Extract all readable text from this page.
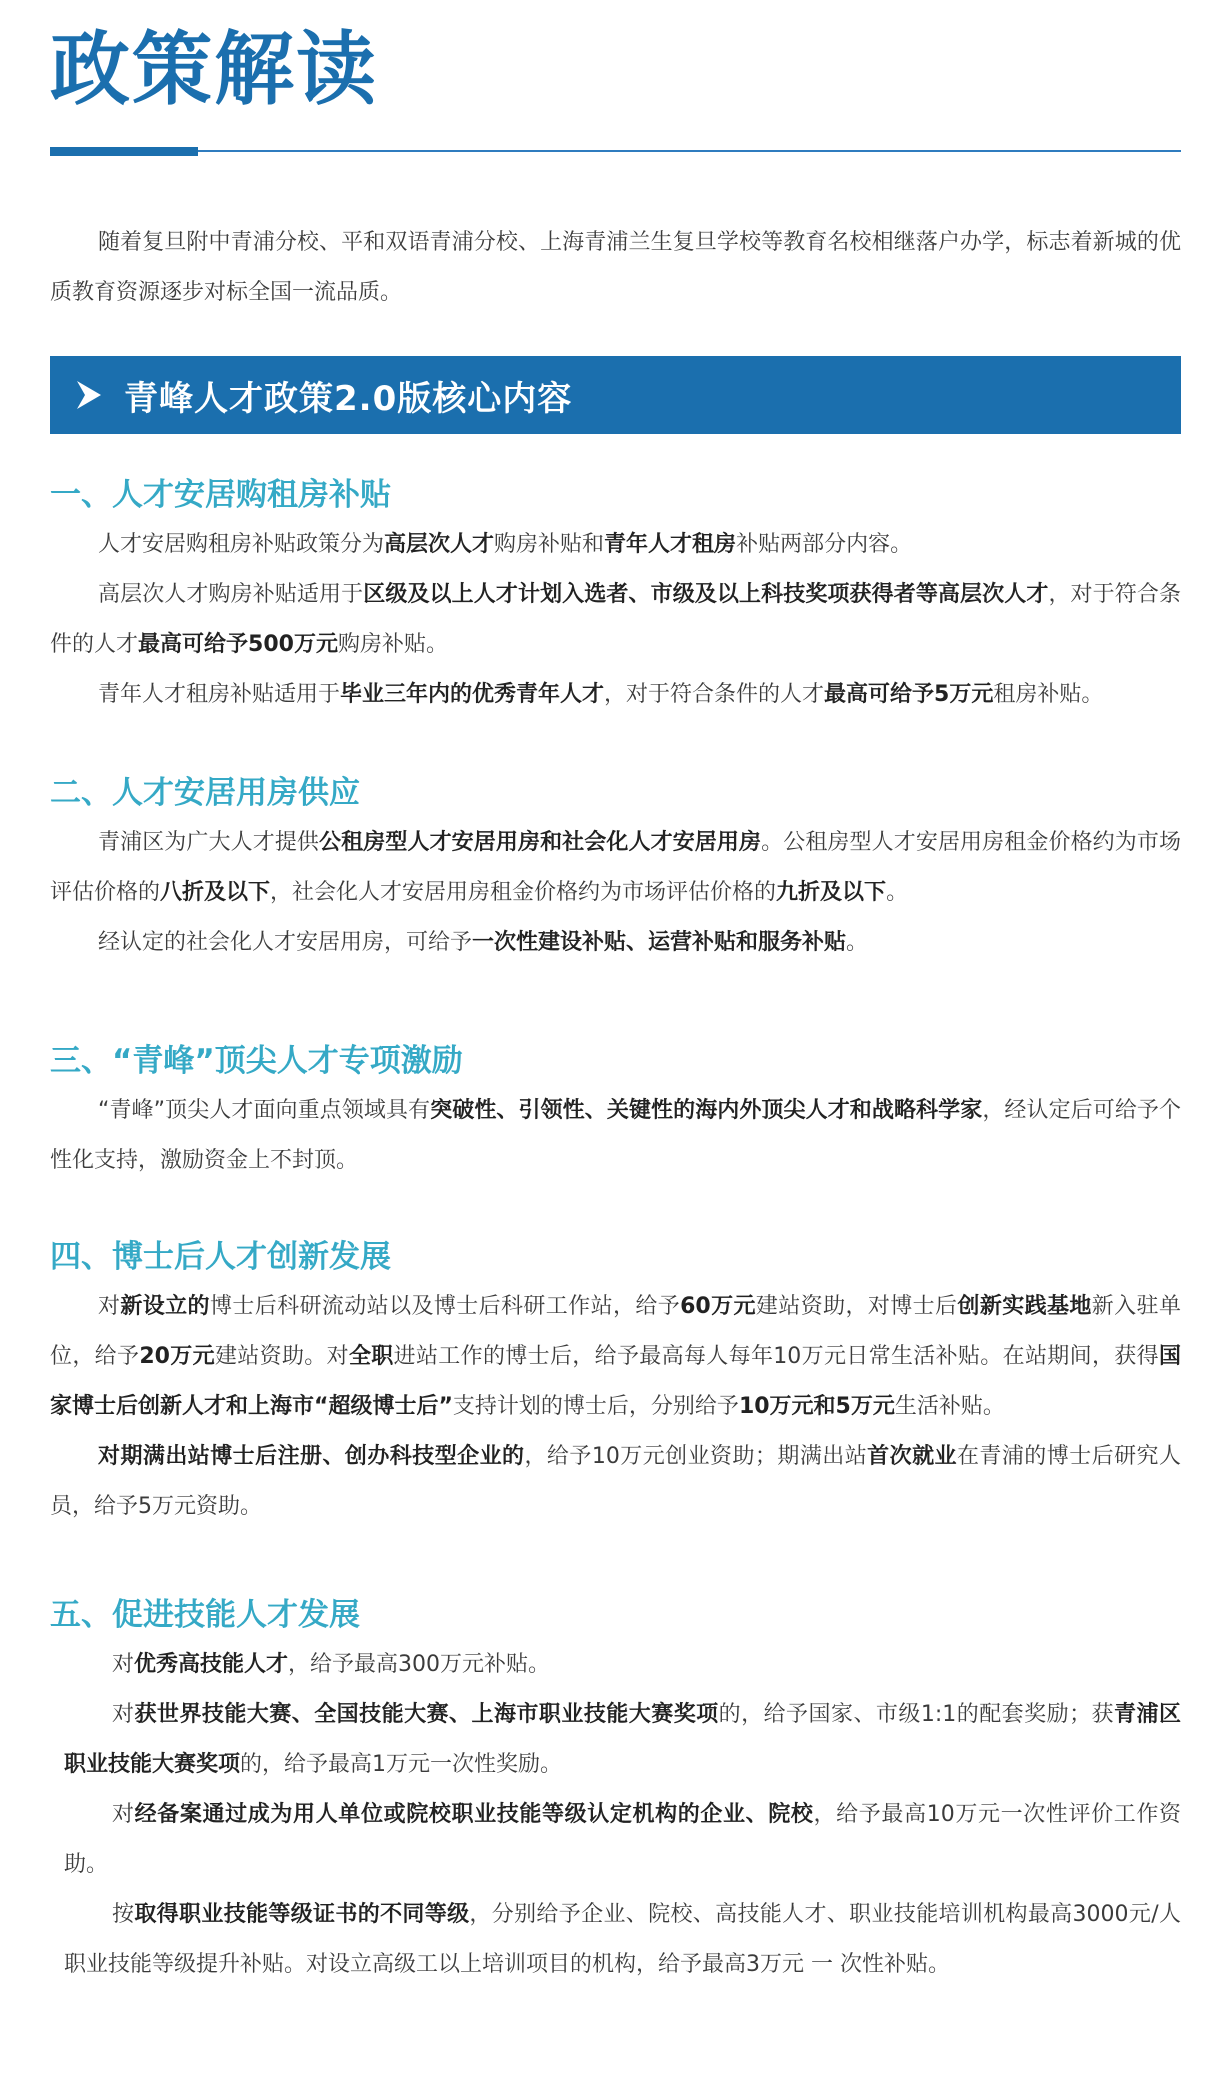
政策解读

随着复旦附中青浦分校、平和双语青浦分校、上海青浦兰生复旦学校等教育名校相继落户办学，标志着新城的优质教育资源逐步对标全国一流品质。

青峰人才政策2.0版核心内容
一、人才安居购租房补贴

人才安居购租房补贴政策分为高层次人才购房补贴和青年人才租房补贴两部分内容。

高层次人才购房补贴适用于区级及以上人才计划入选者、市级及以上科技奖项获得者等高层次人才，对于符合条件的人才最高可给予500万元购房补贴。

青年人才租房补贴适用于毕业三年内的优秀青年人才，对于符合条件的人才最高可给予5万元租房补贴。

二、人才安居用房供应

青浦区为广大人才提供公租房型人才安居用房和社会化人才安居用房。公租房型人才安居用房租金价格约为市场评估价格的八折及以下，社会化人才安居用房租金价格约为市场评估价格的九折及以下。

经认定的社会化人才安居用房，可给予一次性建设补贴、运营补贴和服务补贴。

三、“青峰”顶尖人才专项激励

“青峰”顶尖人才面向重点领域具有突破性、引领性、关键性的海内外顶尖人才和战略科学家，经认定后可给予个性化支持，激励资金上不封顶。

四、博士后人才创新发展

对新设立的博士后科研流动站以及博士后科研工作站，给予60万元建站资助，对博士后创新实践基地新入驻单位，给予20万元建站资助。对全职进站工作的博士后，给予最高每人每年10万元日常生活补贴。在站期间，获得国家博士后创新人才和上海市“超级博士后”支持计划的博士后，分别给予10万元和5万元生活补贴。

对期满出站博士后注册、创办科技型企业的，给予10万元创业资助；期满出站首次就业在青浦的博士后研究人员，给予5万元资助。

五、促进技能人才发展

对优秀高技能人才，给予最高300万元补贴。

对获世界技能大赛、全国技能大赛、上海市职业技能大赛奖项的，给予国家、市级1:1的配套奖励；获青浦区职业技能大赛奖项的，给予最高1万元一次性奖励。

对经备案通过成为用人单位或院校职业技能等级认定机构的企业、院校，给予最高10万元一次性评价工作资助。

按取得职业技能等级证书的不同等级，分别给予企业、院校、高技能人才、职业技能培训机构最高3000元/人职业技能等级提升补贴。对设立高级工以上培训项目的机构，给予最高3万元 一 次性补贴。
